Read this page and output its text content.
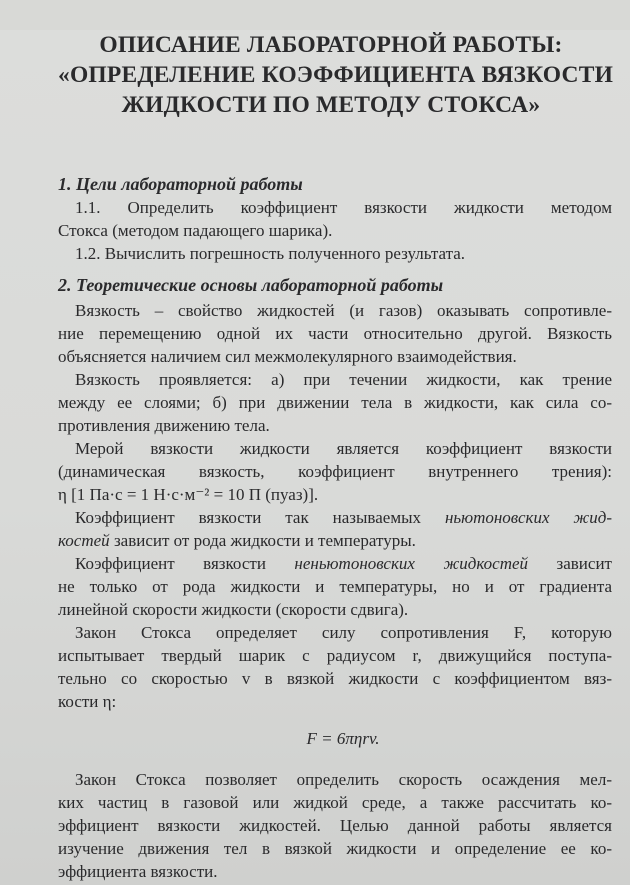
ОПИСАНИЕ ЛАБОРАТОРНОЙ РАБОТЫ:
«ОПРЕДЕЛЕНИЕ КОЭФФИЦИЕНТА ВЯЗКОСТИ
ЖИДКОСТИ ПО МЕТОДУ СТОКСА»
1. Цели лабораторной работы
1.1. Определить коэффициент вязкости жидкости методом
Стокса (методом падающего шарика).
1.2. Вычислить погрешность полученного результата.
2. Теоретические основы лабораторной работы
Вязкость – свойство жидкостей (и газов) оказывать сопротивле-
ние перемещению одной их части относительно другой. Вязкость
объясняется наличием сил межмолекулярного взаимодействия.
Вязкость проявляется: а) при течении жидкости, как трение
между ее слоями; б) при движении тела в жидкости, как сила со-
противления движению тела.
Мерой вязкости жидкости является коэффициент вязкости
(динамическая вязкость, коэффициент внутреннего трения):
η [1 Па·с = 1 Н·с·м⁻² = 10 П (пуаз)].
Коэффициент вязкости так называемых ньютоновских жид-
костей зависит от рода жидкости и температуры.
Коэффициент вязкости неньютоновских жидкостей зависит
не только от рода жидкости и температуры, но и от градиента
линейной скорости жидкости (скорости сдвига).
Закон Стокса определяет силу сопротивления F, которую
испытывает твердый шарик с радиусом r, движущийся поступа-
тельно со скоростью v в вязкой жидкости с коэффициентом вяз-
кости η:
F = 6πηrv.
Закон Стокса позволяет определить скорость осаждения мел-
ких частиц в газовой или жидкой среде, а также рассчитать ко-
эффициент вязкости жидкостей. Целью данной работы является
изучение движения тел в вязкой жидкости и определение ее ко-
эффициента вязкости.
